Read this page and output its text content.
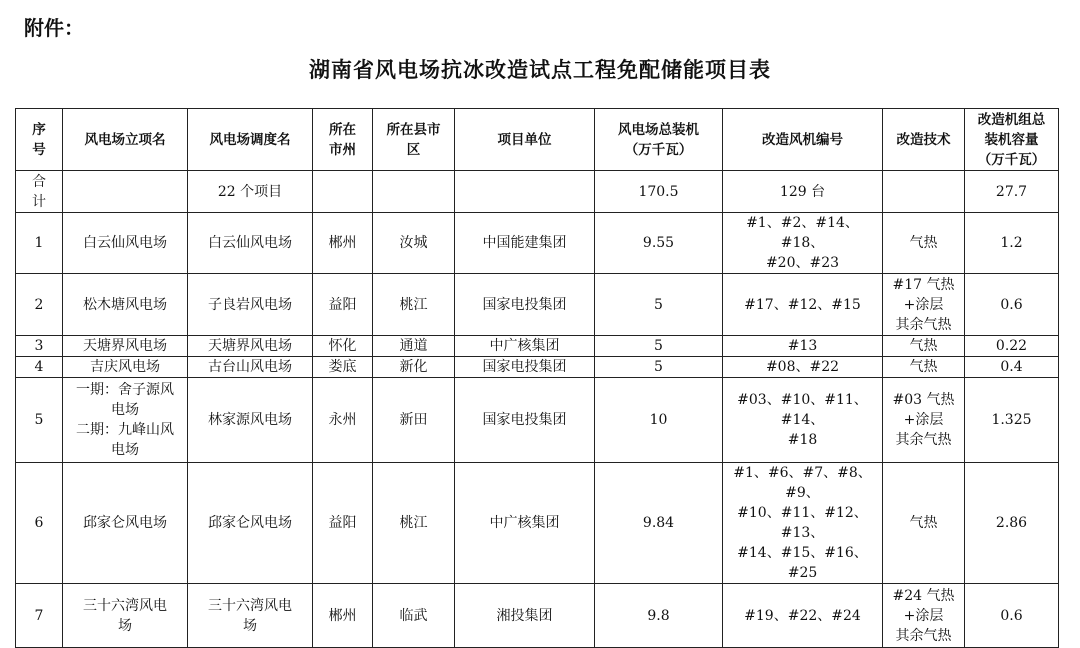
附件：
湖南省风电场抗冰改造试点工程免配储能项目表
序
号	风电场立项名	风电场调度名	所在
市州	所在县市
区	项目单位	风电场总装机
（万千瓦）	改造风机编号	改造技术	改造机组总
装机容量
（万千瓦）
合
计		22 个项目				170.5	129 台		27.7
1	白云仙风电场	白云仙风电场	郴州	汝城	中国能建集团	9.55	#1、#2、#14、#18、
#20、#23	气热	1.2
2	松木塘风电场	子良岩风电场	益阳	桃江	国家电投集团	5	#17、#12、#15	#17 气热
+涂层
其余气热	0.6
3	天塘界风电场	天塘界风电场	怀化	通道	中广核集团	5	#13	气热	0.22
4	吉庆风电场	古台山风电场	娄底	新化	国家电投集团	5	#08、#22	气热	0.4
5	一期：舍子源风
电场
二期：九峰山风
电场	林家源风电场	永州	新田	国家电投集团	10	#03、#10、#11、#14、
#18	#03 气热
+涂层
其余气热	1.325
6	邱家仑风电场	邱家仑风电场	益阳	桃江	中广核集团	9.84	#1、#6、#7、#8、#9、
#10、#11、#12、#13、
#14、#15、#16、#25	气热	2.86
7	三十六湾风电
场	三十六湾风电
场	郴州	临武	湘投集团	9.8	#19、#22、#24	#24 气热
+涂层
其余气热	0.6
